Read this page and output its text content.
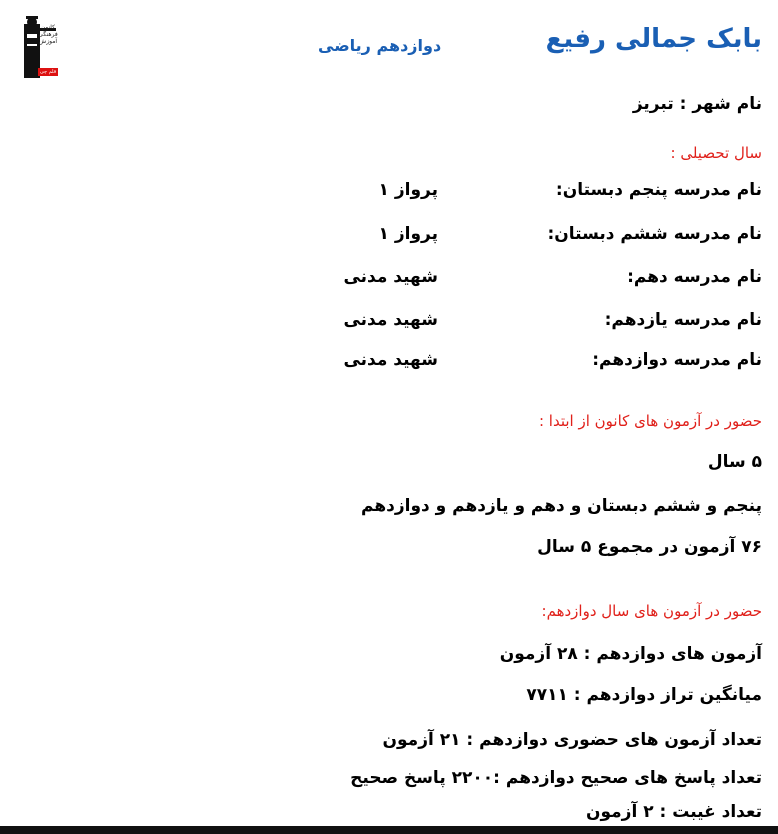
کانون فرهنگی آموزش
قلم چی
بابک جمالی رفیع
دوازدهم ریاضی
نام شهر : تبریز
سال تحصیلی :
نام مدرسه پنجم دبستان:
پرواز ۱
نام مدرسه ششم دبستان:
پرواز ۱
نام مدرسه دهم:
شهید مدنی
نام مدرسه یازدهم:
شهید مدنی
نام مدرسه دوازدهم:
شهید مدنی
حضور در آزمون های کانون از ابتدا :
۵ سال
پنجم و ششم دبستان و دهم و یازدهم و دوازدهم
۷۶ آزمون در مجموع ۵ سال
حضور در آزمون های سال دوازدهم:
آزمون های دوازدهم : ۲۸ آزمون
میانگین تراز دوازدهم : ۷۷۱۱
تعداد آزمون های حضوری دوازدهم : ۲۱ آزمون
تعداد پاسخ های صحیح دوازدهم :۲۲۰۰ پاسخ صحیح
تعداد غیبت : ۲ آزمون
